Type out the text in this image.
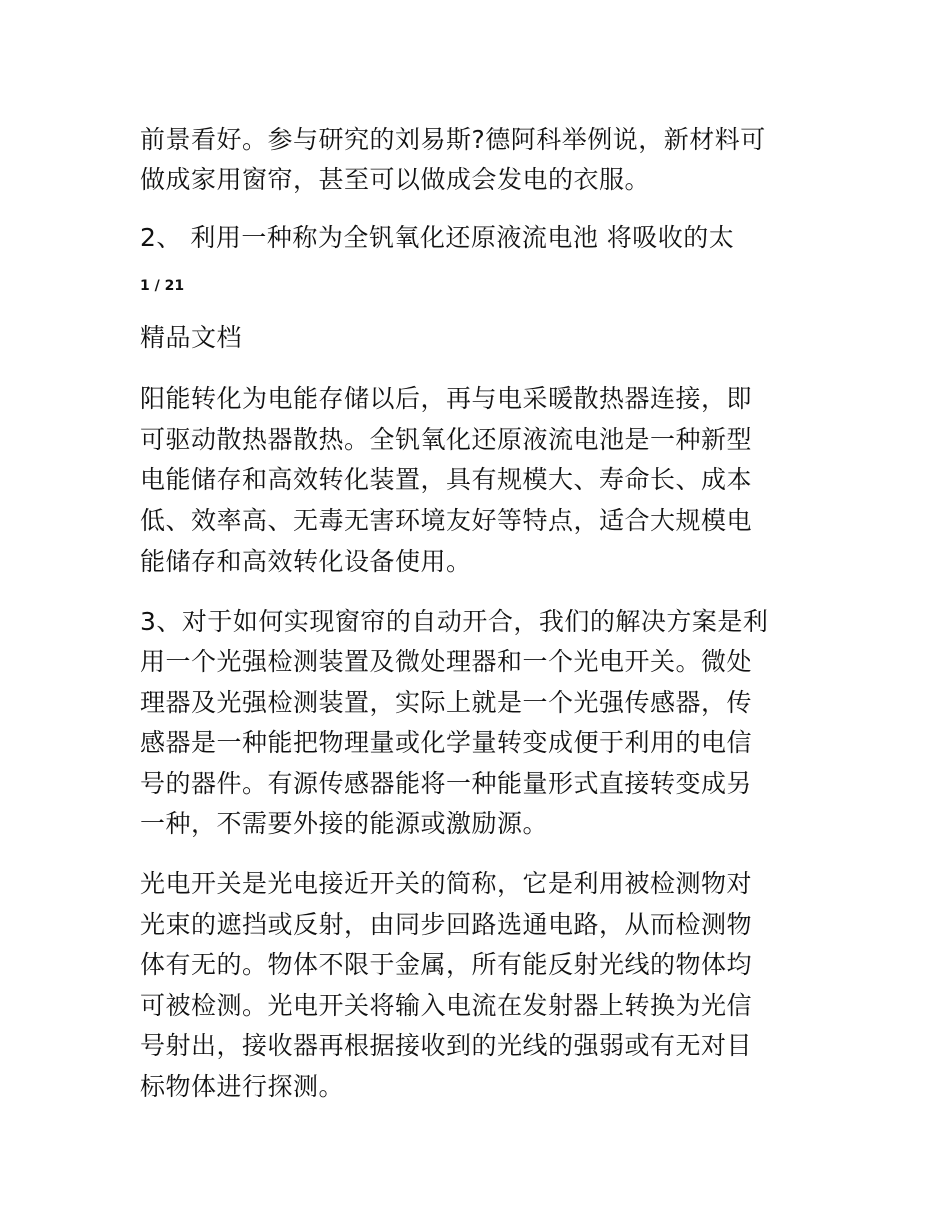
前景看好。参与研究的刘易斯?德阿科举例说，新材料可
做成家用窗帘，甚至可以做成会发电的衣服。
2、 利用一种称为全钒氧化还原液流电池 将吸收的太
1 / 21
精品文档
阳能转化为电能存储以后，再与电采暖散热器连接，即
可驱动散热器散热。全钒氧化还原液流电池是一种新型
电能储存和高效转化装置，具有规模大、寿命长、成本
低、效率高、无毒无害环境友好等特点，适合大规模电
能储存和高效转化设备使用。
3、对于如何实现窗帘的自动开合，我们的解决方案是利
用一个光强检测装置及微处理器和一个光电开关。微处
理器及光强检测装置，实际上就是一个光强传感器，传
感器是一种能把物理量或化学量转变成便于利用的电信
号的器件。有源传感器能将一种能量形式直接转变成另
一种，不需要外接的能源或激励源。
光电开关是光电接近开关的简称，它是利用被检测物对
光束的遮挡或反射，由同步回路选通电路，从而检测物
体有无的。物体不限于金属，所有能反射光线的物体均
可被检测。光电开关将输入电流在发射器上转换为光信
号射出，接收器再根据接收到的光线的强弱或有无对目
标物体进行探测。
